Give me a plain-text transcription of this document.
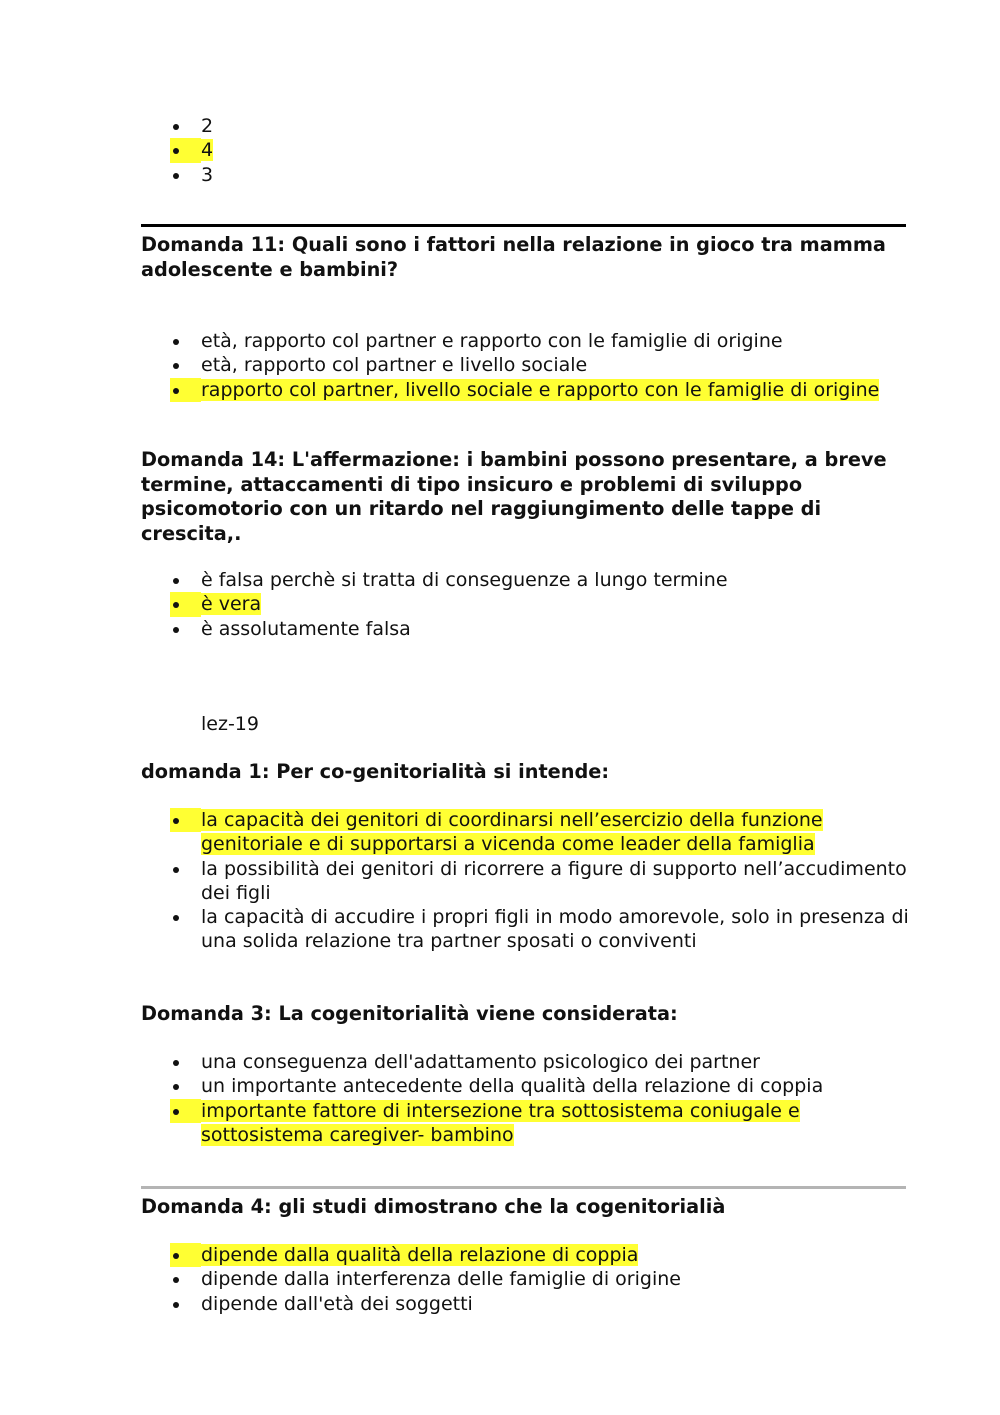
2
4
3
Domanda 11: Quali sono i fattori nella relazione in gioco tra mamma adolescente e bambini?
età, rapporto col partner e rapporto con le famiglie di origine
età, rapporto col partner e livello sociale
rapporto col partner, livello sociale e rapporto con le famiglie di origine
Domanda 14: L'affermazione: i bambini possono presentare, a breve termine, attaccamenti di tipo insicuro e problemi di sviluppo psicomotorio con un ritardo nel raggiungimento delle tappe di crescita,.
è falsa perchè si tratta di conseguenze a lungo termine
è vera
è assolutamente falsa
lez-19
domanda 1: Per co-genitorialità si intende:
la capacità dei genitori di coordinarsi nell’esercizio della funzione genitoriale e di supportarsi a vicenda come leader della famiglia
la possibilità dei genitori di ricorrere a figure di supporto nell’accudimento dei figli
la capacità di accudire i propri figli in modo amorevole, solo in presenza di una solida relazione tra partner sposati o conviventi
Domanda 3: La cogenitorialità viene considerata:
una conseguenza dell'adattamento psicologico dei partner
un importante antecedente della qualità della relazione di coppia
importante fattore di intersezione tra sottosistema coniugale e sottosistema caregiver- bambino
Domanda 4: gli studi dimostrano che la cogenitorialià
dipende dalla qualità della relazione di coppia
dipende dalla interferenza delle famiglie di origine
dipende dall'età dei soggetti
